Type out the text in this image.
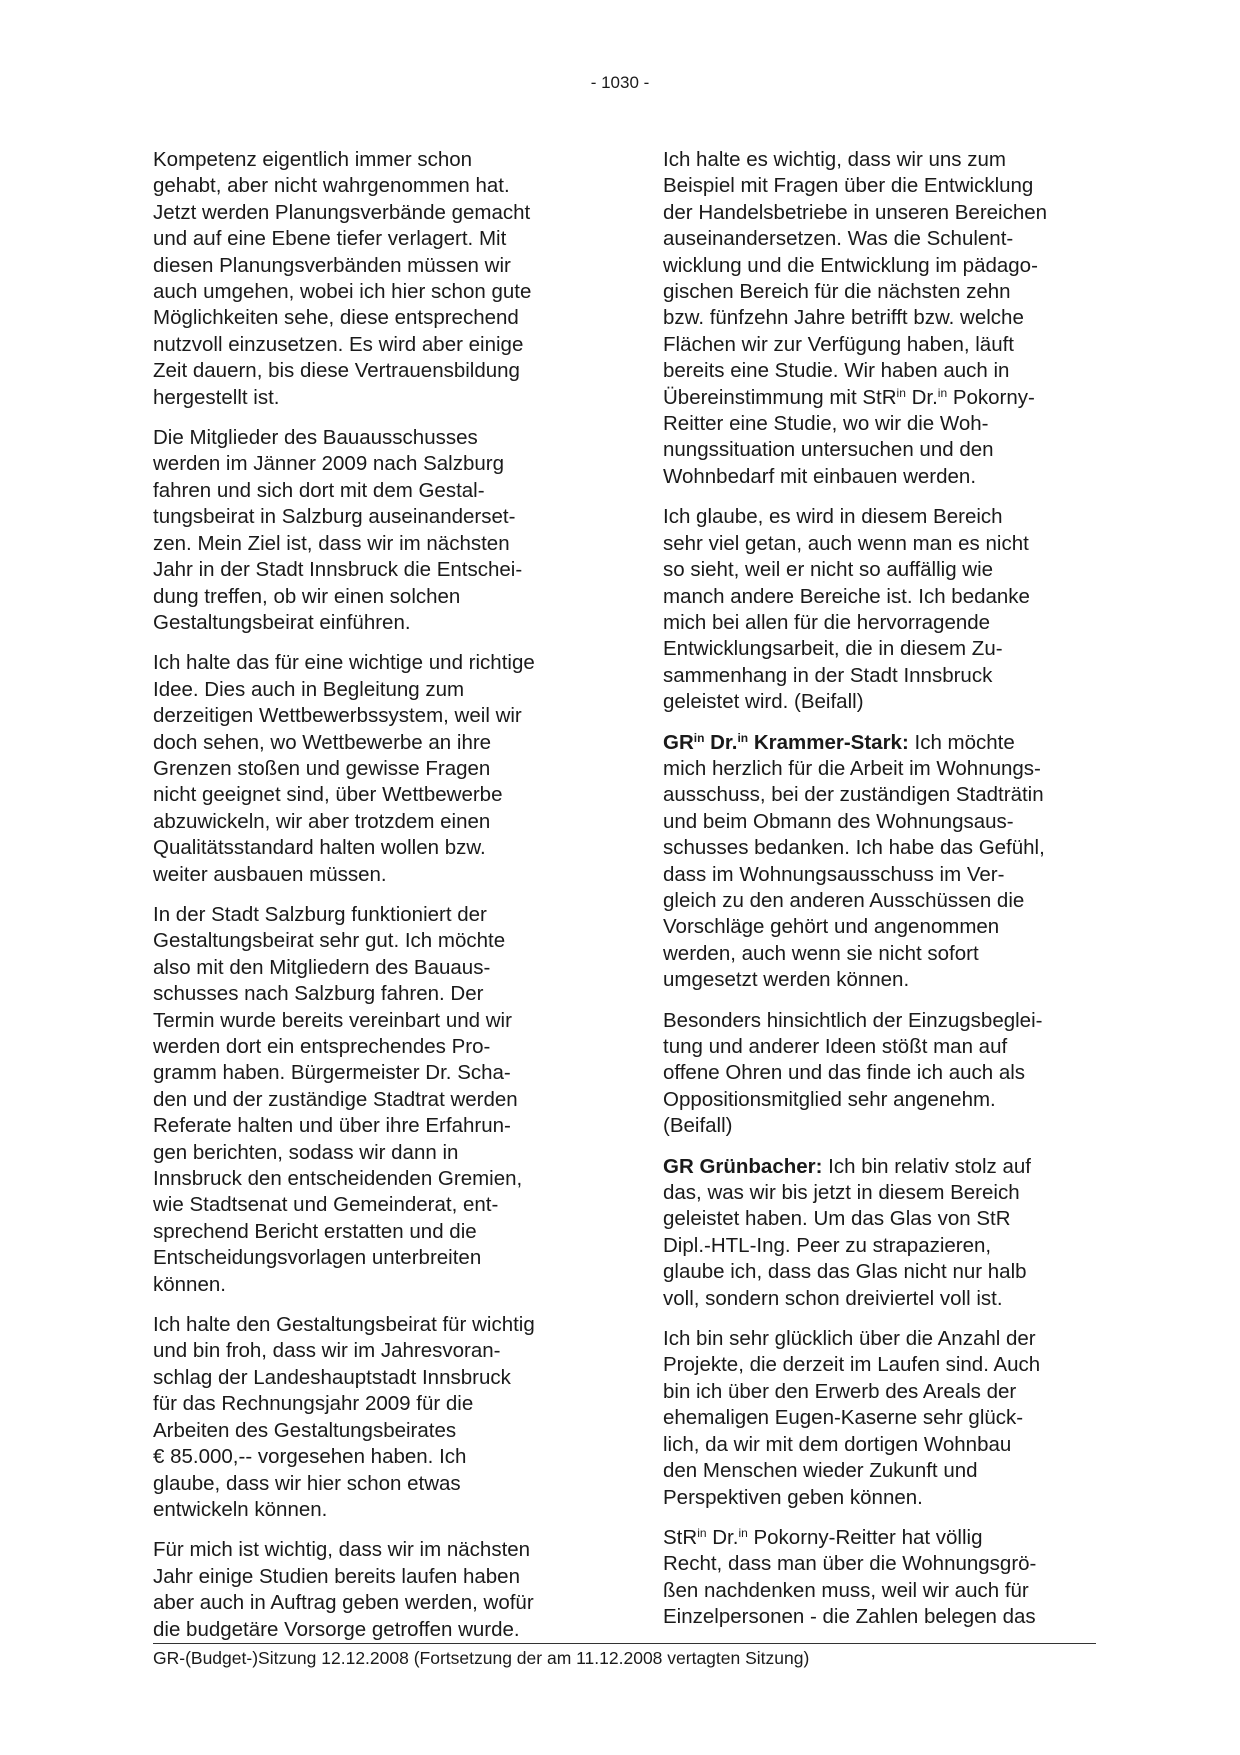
- 1030 -

Kompetenz eigentlich immer schon
gehabt, aber nicht wahrgenommen hat.
Jetzt werden Planungsverbände gemacht
und auf eine Ebene tiefer verlagert. Mit
diesen Planungsverbänden müssen wir
auch umgehen, wobei ich hier schon gute
Möglichkeiten sehe, diese entsprechend
nutzvoll einzusetzen. Es wird aber einige
Zeit dauern, bis diese Vertrauensbildung
hergestellt ist.

Die Mitglieder des Bauausschusses
werden im Jänner 2009 nach Salzburg
fahren und sich dort mit dem Gestal-
tungsbeirat in Salzburg auseinanderset-
zen. Mein Ziel ist, dass wir im nächsten
Jahr in der Stadt Innsbruck die Entschei-
dung treffen, ob wir einen solchen
Gestaltungsbeirat einführen.

Ich halte das für eine wichtige und richtige
Idee. Dies auch in Begleitung zum
derzeitigen Wettbewerbssystem, weil wir
doch sehen, wo Wettbewerbe an ihre
Grenzen stoßen und gewisse Fragen
nicht geeignet sind, über Wettbewerbe
abzuwickeln, wir aber trotzdem einen
Qualitätsstandard halten wollen bzw.
weiter ausbauen müssen.

In der Stadt Salzburg funktioniert der
Gestaltungsbeirat sehr gut. Ich möchte
also mit den Mitgliedern des Bauaus-
schusses nach Salzburg fahren. Der
Termin wurde bereits vereinbart und wir
werden dort ein entsprechendes Pro-
gramm haben. Bürgermeister Dr. Scha-
den und der zuständige Stadtrat werden
Referate halten und über ihre Erfahrun-
gen berichten, sodass wir dann in
Innsbruck den entscheidenden Gremien,
wie Stadtsenat und Gemeinderat, ent-
sprechend Bericht erstatten und die
Entscheidungsvorlagen unterbreiten
können.

Ich halte den Gestaltungsbeirat für wichtig
und bin froh, dass wir im Jahresvoran-
schlag der Landeshauptstadt Innsbruck
für das Rechnungsjahr 2009 für die
Arbeiten des Gestaltungsbeirates
€ 85.000,-- vorgesehen haben. Ich
glaube, dass wir hier schon etwas
entwickeln können.

Für mich ist wichtig, dass wir im nächsten
Jahr einige Studien bereits laufen haben
aber auch in Auftrag geben werden, wofür
die budgetäre Vorsorge getroffen wurde.

Ich halte es wichtig, dass wir uns zum
Beispiel mit Fragen über die Entwicklung
der Handelsbetriebe in unseren Bereichen
auseinandersetzen. Was die Schulent-
wicklung und die Entwicklung im pädago-
gischen Bereich für die nächsten zehn
bzw. fünfzehn Jahre betrifft bzw. welche
Flächen wir zur Verfügung haben, läuft
bereits eine Studie. Wir haben auch in
Übereinstimmung mit StR$^{in}$ Dr.$^{in}$ Pokorny-
Reitter eine Studie, wo wir die Woh-
nungssituation untersuchen und den
Wohnbedarf mit einbauen werden.

Ich glaube, es wird in diesem Bereich
sehr viel getan, auch wenn man es nicht
so sieht, weil er nicht so auffällig wie
manch andere Bereiche ist. Ich bedanke
mich bei allen für die hervorragende
Entwicklungsarbeit, die in diesem Zu-
sammenhang in der Stadt Innsbruck
geleistet wird. (Beifall)

$GR^{in}$ Dr.$^{in}$ Krammer-Stark: Ich möchte
mich herzlich für die Arbeit im Wohnungs-
ausschuss, bei der zuständigen Stadträtin
und beim Obmann des Wohnungsaus-
schusses bedanken. Ich habe das Gefühl,
dass im Wohnungsausschuss im Ver-
gleich zu den anderen Ausschüssen die
Vorschläge gehört und angenommen
werden, auch wenn sie nicht sofort
umgesetzt werden können.

Besonders hinsichtlich der Einzugsbeglei-
tung und anderer Ideen stößt man auf
offene Ohren und das finde ich auch als
Oppositionsmitglied sehr angenehm.
(Beifall)

GR Grünbacher: Ich bin relativ stolz auf
das, was wir bis jetzt in diesem Bereich
geleistet haben. Um das Glas von StR
Dipl.-HTL-Ing. Peer zu strapazieren,
glaube ich, dass das Glas nicht nur halb
voll, sondern schon dreiviertel voll ist.

Ich bin sehr glücklich über die Anzahl der
Projekte, die derzeit im Laufen sind. Auch
bin ich über den Erwerb des Areals der
ehemaligen Eugen-Kaserne sehr glück-
lich, da wir mit dem dortigen Wohnbau
den Menschen wieder Zukunft und
Perspektiven geben können.

StR$^{in}$ Dr.$^{in}$ Pokorny-Reitter hat völlig
Recht, dass man über die Wohnungsgrö-
ßen nachdenken muss, weil wir auch für
Einzelpersonen - die Zahlen belegen das

GR-(Budget-)Sitzung 12.12.2008 (Fortsetzung der am 11.12.2008 vertagten Sitzung)
